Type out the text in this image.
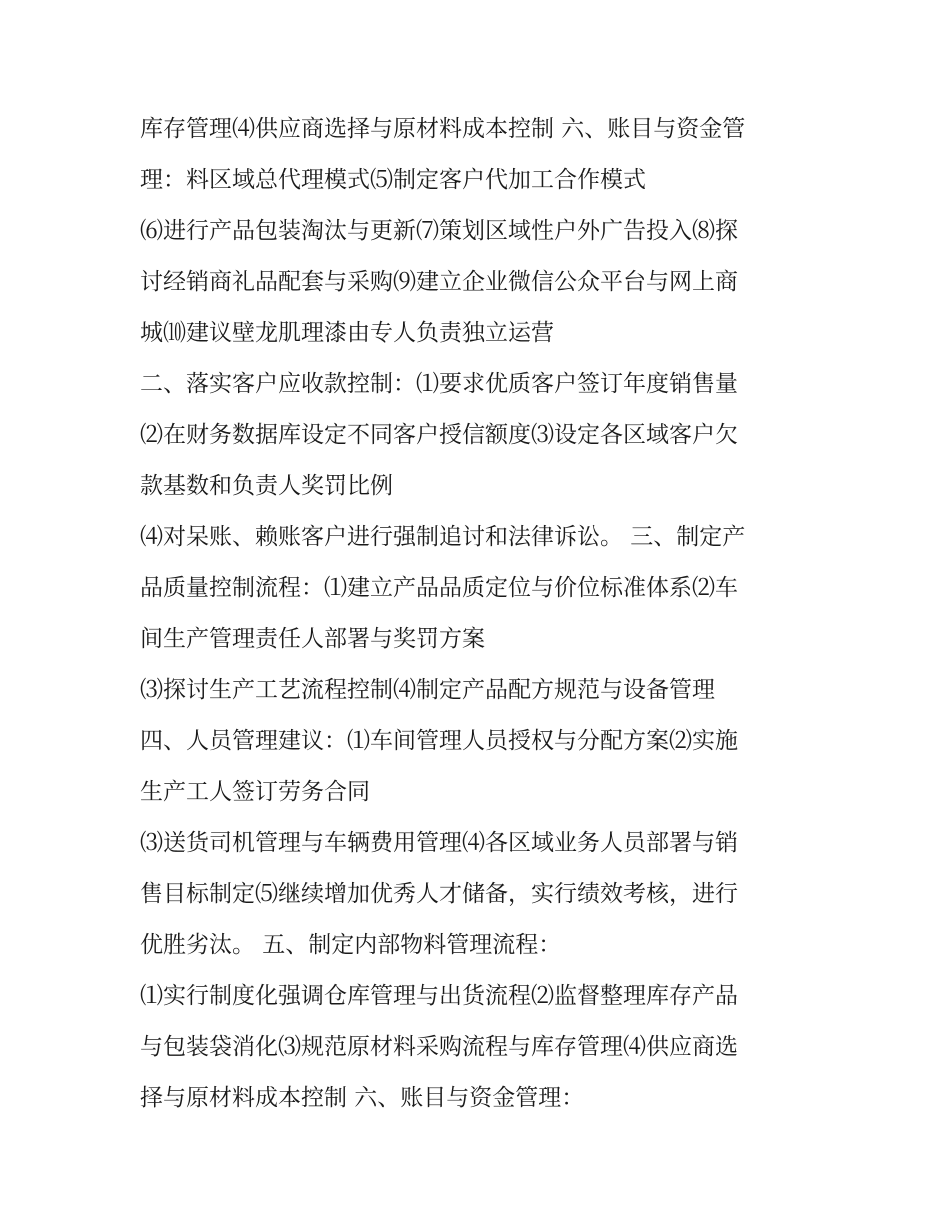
库存管理⑷供应商选择与原材料成本控制 六、账目与资金管
理：料区域总代理模式⑸制定客户代加工合作模式
⑹进行产品包装淘汰与更新⑺策划区域性户外广告投入⑻探
讨经销商礼品配套与采购⑼建立企业微信公众平台与网上商
城⑽建议壁龙肌理漆由专人负责独立运营
二、落实客户应收款控制：⑴要求优质客户签订年度销售量
⑵在财务数据库设定不同客户授信额度⑶设定各区域客户欠
款基数和负责人奖罚比例
⑷对呆账、赖账客户进行强制追讨和法律诉讼。 三、制定产
品质量控制流程：⑴建立产品品质定位与价位标准体系⑵车
间生产管理责任人部署与奖罚方案
⑶探讨生产工艺流程控制⑷制定产品配方规范与设备管理
四、人员管理建议：⑴车间管理人员授权与分配方案⑵实施
生产工人签订劳务合同
⑶送货司机管理与车辆费用管理⑷各区域业务人员部署与销
售目标制定⑸继续增加优秀人才储备，实行绩效考核，进行
优胜劣汰。 五、制定内部物料管理流程：
⑴实行制度化强调仓库管理与出货流程⑵监督整理库存产品
与包装袋消化⑶规范原材料采购流程与库存管理⑷供应商选
择与原材料成本控制 六、账目与资金管理：
